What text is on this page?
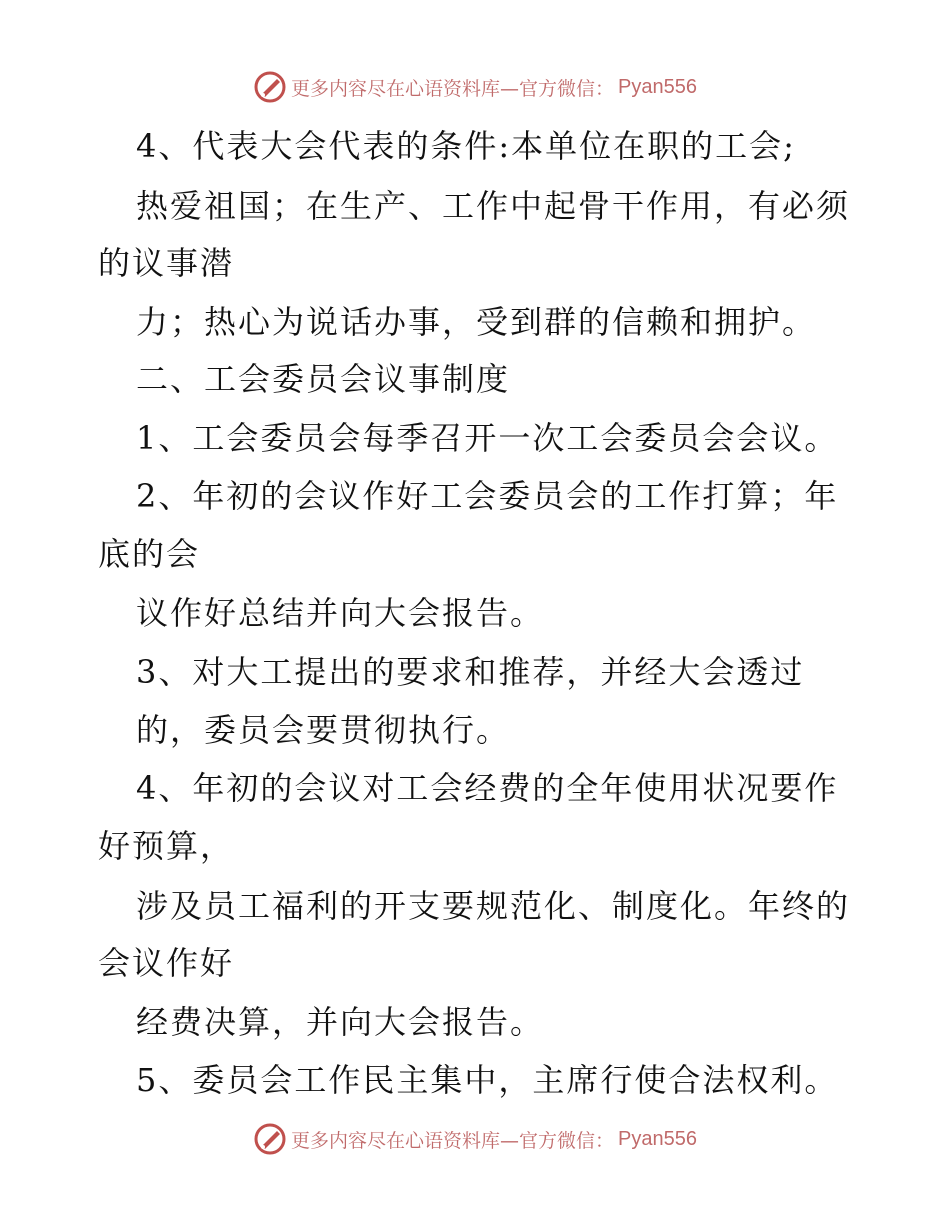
更多内容尽在心语资料库—官方微信： Pyan556
4、代表大会代表的条件:本单位在职的工会;
热爱祖国；在生产、工作中起骨干作用，有必须
的议事潜
力；热心为说话办事，受到群的信赖和拥护。
二、工会委员会议事制度
1、工会委员会每季召开一次工会委员会会议。
2、年初的会议作好工会委员会的工作打算；年
底的会
议作好总结并向大会报告。
3、对大工提出的要求和推荐，并经大会透过
的，委员会要贯彻执行。
4、年初的会议对工会经费的全年使用状况要作
好预算，
涉及员工福利的开支要规范化、制度化。年终的
会议作好
经费决算，并向大会报告。
5、委员会工作民主集中，主席行使合法权利。
更多内容尽在心语资料库—官方微信： Pyan556
